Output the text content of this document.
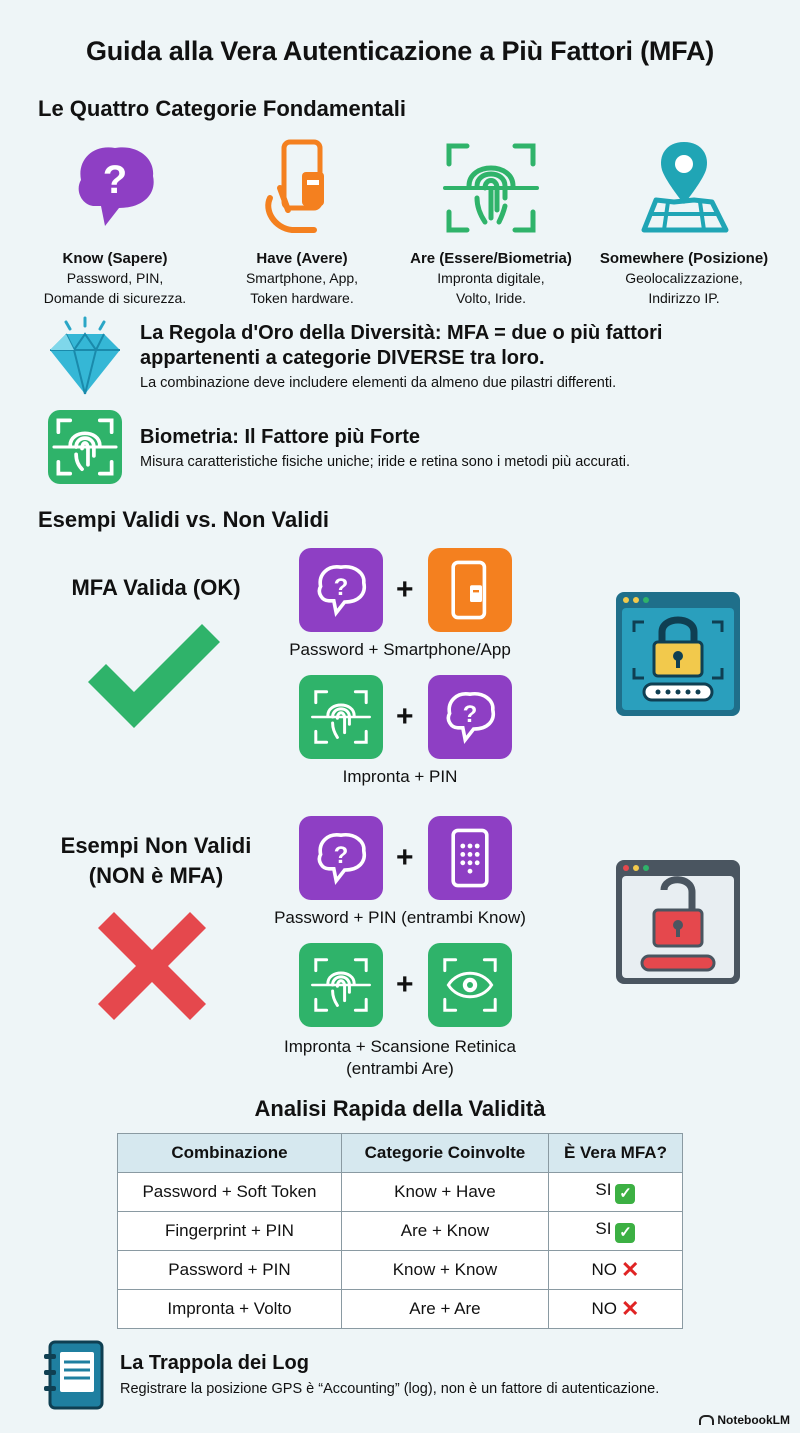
Guida alla Vera Autenticazione a Più Fattori (MFA)
Le Quattro Categorie Fondamentali
?
Know (Sapere)
Password, PIN,
Domande di sicurezza.
Have (Avere)
Smartphone, App,
Token hardware.
Are (Essere/Biometria)
Impronta digitale,
Volto, Iride.
Somewhere (Posizione)
Geolocalizzazione,
Indirizzo IP.
La Regola d'Oro della Diversità: MFA = due o più fattori
appartenenti a categorie DIVERSE tra loro.
La combinazione deve includere elementi da almeno due pilastri differenti.
Biometria: Il Fattore più Forte
Misura caratteristiche fisiche uniche; iride e retina sono i metodi più accurati.
Esempi Validi vs. Non Validi
MFA Valida (OK)	? +
Password + Smartphone/App
+ ?
Impronta + PIN
Esempi Non Validi
(NON è MFA)
? +
Password + PIN (entrambi Know)
+
Impronta + Scansione Retinica
(entrambi Are)
Analisi Rapida della Validità
Combinazione	Categorie Coinvolte	È Vera MFA?
Password + Soft Token	Know + Have	SI ✓
Fingerprint + PIN	Are + Know	SI ✓
Password + PIN	Know + Know	NO ✕
Impronta + Volto	Are + Are	NO ✕
La Trappola dei Log
Registrare la posizione GPS è “Accounting” (log), non è un fattore di autenticazione.
NotebookLM
